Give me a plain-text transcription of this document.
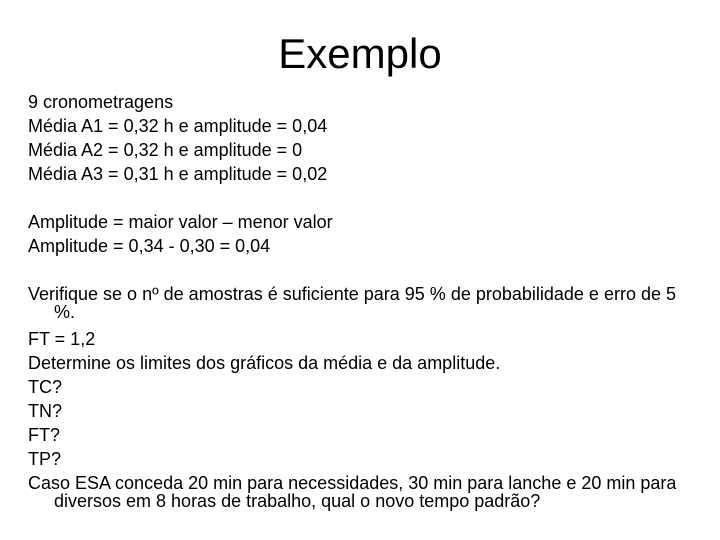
Exemplo
9 cronometragens
Média A1 = 0,32 h e amplitude = 0,04
Média A2 = 0,32 h e amplitude = 0
Média A3 = 0,31 h e amplitude = 0,02
Amplitude = maior valor – menor valor
Amplitude = 0,34 - 0,30 = 0,04
Verifique se o nº de amostras é suficiente para 95 % de probabilidade e erro de 5 %.
FT = 1,2
Determine os limites dos gráficos da média e da amplitude.
TC?
TN?
FT?
TP?
Caso ESA conceda 20 min para necessidades, 30 min para lanche e 20 min para diversos em 8 horas de trabalho, qual o novo tempo padrão?
